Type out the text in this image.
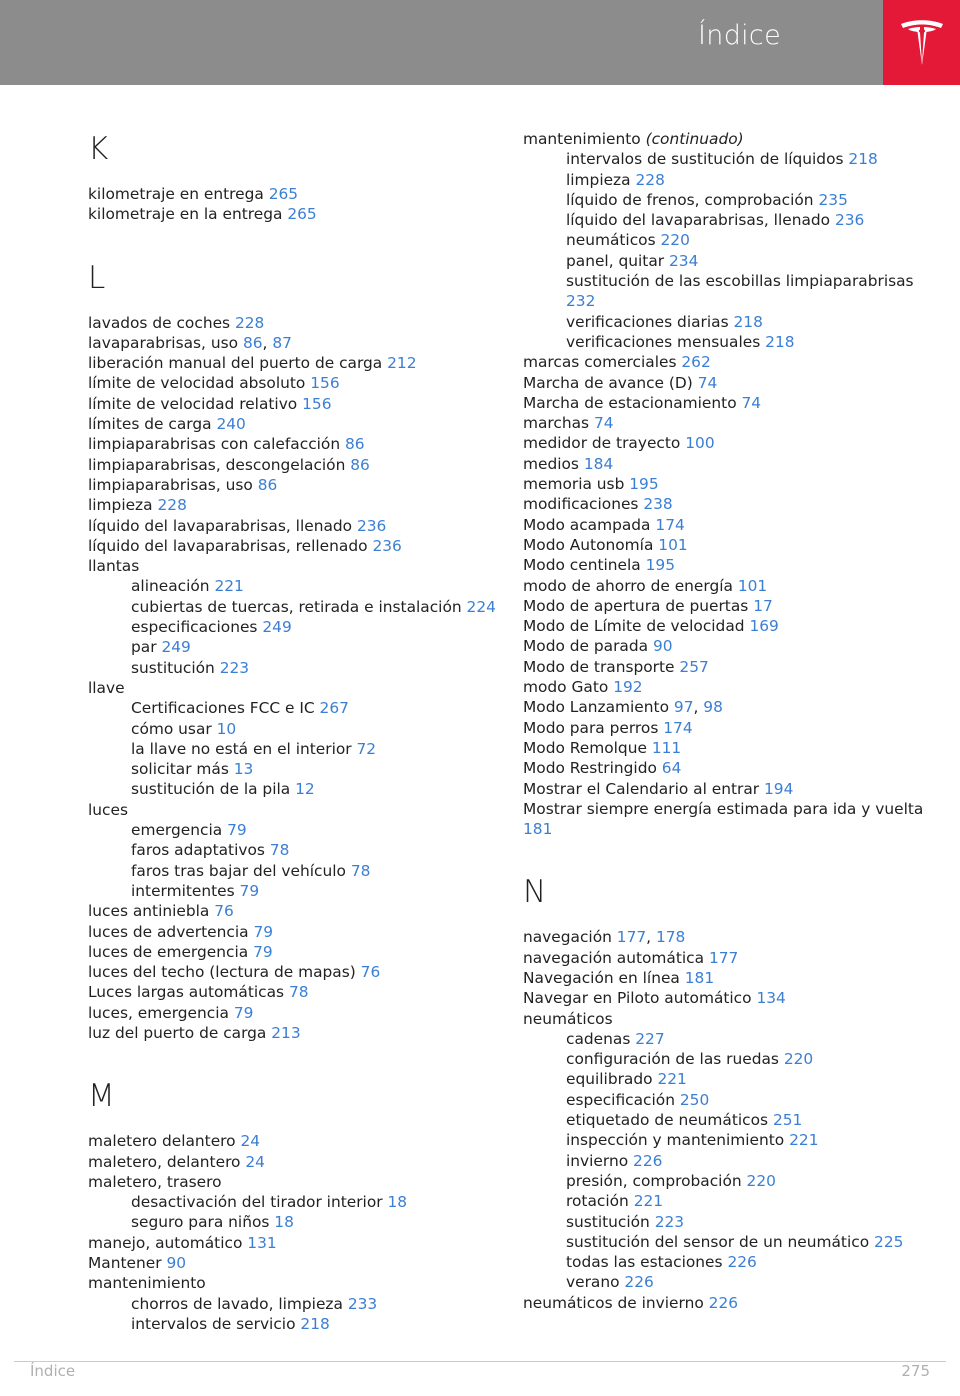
Índice
K
kilometraje en entrega 265
kilometraje en la entrega 265
L
lavados de coches 228
lavaparabrisas, uso 86, 87
liberación manual del puerto de carga 212
límite de velocidad absoluto 156
límite de velocidad relativo 156
límites de carga 240
limpiaparabrisas con calefacción 86
limpiaparabrisas, descongelación 86
limpiaparabrisas, uso 86
limpieza 228
líquido del lavaparabrisas, llenado 236
líquido del lavaparabrisas, rellenado 236
llantas
alineación 221
cubiertas de tuercas, retirada e instalación 224
especificaciones 249
par 249
sustitución 223
llave
Certificaciones FCC e IC 267
cómo usar 10
la llave no está en el interior 72
solicitar más 13
sustitución de la pila 12
luces
emergencia 79
faros adaptativos 78
faros tras bajar del vehículo 78
intermitentes 79
luces antiniebla 76
luces de advertencia 79
luces de emergencia 79
luces del techo (lectura de mapas) 76
Luces largas automáticas 78
luces, emergencia 79
luz del puerto de carga 213
M
maletero delantero 24
maletero, delantero 24
maletero, trasero
desactivación del tirador interior 18
seguro para niños 18
manejo, automático 131
Mantener 90
mantenimiento
chorros de lavado, limpieza 233
intervalos de servicio 218
mantenimiento (continuado)
intervalos de sustitución de líquidos 218
limpieza 228
líquido de frenos, comprobación 235
líquido del lavaparabrisas, llenado 236
neumáticos 220
panel, quitar 234
sustitución de las escobillas limpiaparabrisas 232
verificaciones diarias 218
verificaciones mensuales 218
marcas comerciales 262
Marcha de avance (D) 74
Marcha de estacionamiento 74
marchas 74
medidor de trayecto 100
medios 184
memoria usb 195
modificaciones 238
Modo acampada 174
Modo Autonomía 101
Modo centinela 195
modo de ahorro de energía 101
Modo de apertura de puertas 17
Modo de Límite de velocidad 169
Modo de parada 90
Modo de transporte 257
modo Gato 192
Modo Lanzamiento 97, 98
Modo para perros 174
Modo Remolque 111
Modo Restringido 64
Mostrar el Calendario al entrar 194
Mostrar siempre energía estimada para ida y vuelta 181
N
navegación 177, 178
navegación automática 177
Navegación en línea 181
Navegar en Piloto automático 134
neumáticos
cadenas 227
configuración de las ruedas 220
equilibrado 221
especificación 250
etiquetado de neumáticos 251
inspección y mantenimiento 221
invierno 226
presión, comprobación 220
rotación 221
sustitución 223
sustitución del sensor de un neumático 225
todas las estaciones 226
verano 226
neumáticos de invierno 226
Índice	275
